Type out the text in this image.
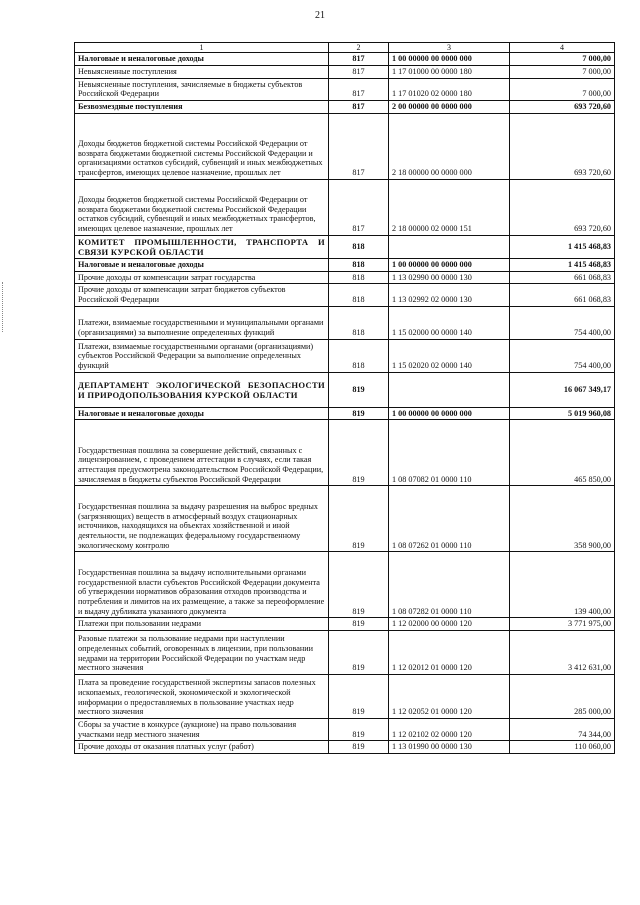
21
1	2	3	4
Налоговые и неналоговые доходы	817	1 00 00000 00 0000 000	7 000,00
Невыясненные поступления	817	1 17 01000 00 0000 180	7 000,00
Невыясненные поступления, зачисляемые в бюджеты субъектов Российской Федерации	817	1 17 01020 02 0000 180	7 000,00
Безвозмездные поступления	817	2 00 00000 00 0000 000	693 720,60
Доходы бюджетов бюджетной системы Российской Федерации от возврата бюджетами бюджетной системы Российской Федерации и организациями остатков субсидий, субвенций и иных межбюджетных трансфертов, имеющих целевое назначение, прошлых лет	817	2 18 00000 00 0000 000	693 720,60
Доходы бюджетов бюджетной системы Российской Федерации от возврата бюджетами бюджетной системы Российской Федерации остатков субсидий, субвенций и иных межбюджетных трансфертов, имеющих целевое назначение, прошлых лет	817	2 18 00000 02 0000 151	693 720,60
КОМИТЕТ ПРОМЫШЛЕННОСТИ, ТРАНСПОРТА И СВЯЗИ КУРСКОЙ ОБЛАСТИ	818		1 415 468,83
Налоговые и неналоговые доходы	818	1 00 00000 00 0000 000	1 415 468,83
Прочие доходы от компенсации затрат государства	818	1 13 02990 00 0000 130	661 068,83
Прочие доходы от компенсации затрат бюджетов субъектов Российской Федерации	818	1 13 02992 02 0000 130	661 068,83
Платежи, взимаемые государственными и муниципальными органами (организациями) за выполнение определенных функций	818	1 15 02000 00 0000 140	754 400,00
Платежи, взимаемые государственными органами (организациями) субъектов Российской Федерации за выполнение определенных функций	818	1 15 02020 02 0000 140	754 400,00
ДЕПАРТАМЕНТ ЭКОЛОГИЧЕСКОЙ БЕЗОПАСНОСТИ И ПРИРОДОПОЛЬЗОВАНИЯ КУРСКОЙ ОБЛАСТИ	819		16 067 349,17
Налоговые и неналоговые доходы	819	1 00 00000 00 0000 000	5 019 960,08
Государственная пошлина за совершение действий, связанных с лицензированием, с проведением аттестации в случаях, если такая аттестация предусмотрена законодательством Российской Федерации, зачисляемая в бюджеты субъектов Российской Федерации	819	1 08 07082 01 0000 110	465 850,00
Государственная пошлина за выдачу разрешения на выброс вредных (загрязняющих) веществ в атмосферный воздух стационарных источников, находящихся на объектах хозяйственной и иной деятельности, не подлежащих федеральному государственному экологическому контролю	819	1 08 07262 01 0000 110	358 900,00
Государственная пошлина за выдачу исполнительными органами государственной власти субъектов Российской Федерации документа об утверждении нормативов образования отходов производства и потребления и лимитов на их размещение, а также за переоформление и выдачу дубликата указанного документа	819	1 08 07282 01 0000 110	139 400,00
Платежи при пользовании недрами	819	1 12 02000 00 0000 120	3 771 975,00
Разовые платежи за пользование недрами при наступлении определенных событий, оговоренных в лицензии, при пользовании недрами на территории Российской Федерации по участкам недр местного значения	819	1 12 02012 01 0000 120	3 412 631,00
Плата за проведение государственной экспертизы запасов полезных ископаемых, геологической, экономической и экологической информации о предоставляемых в пользование участках недр местного значения	819	1 12 02052 01 0000 120	285 000,00
Сборы за участие в конкурсе (аукционе) на право пользования участками недр местного значения	819	1 12 02102 02 0000 120	74 344,00
Прочие доходы от оказания платных услуг (работ)	819	1 13 01990 00 0000 130	110 060,00
